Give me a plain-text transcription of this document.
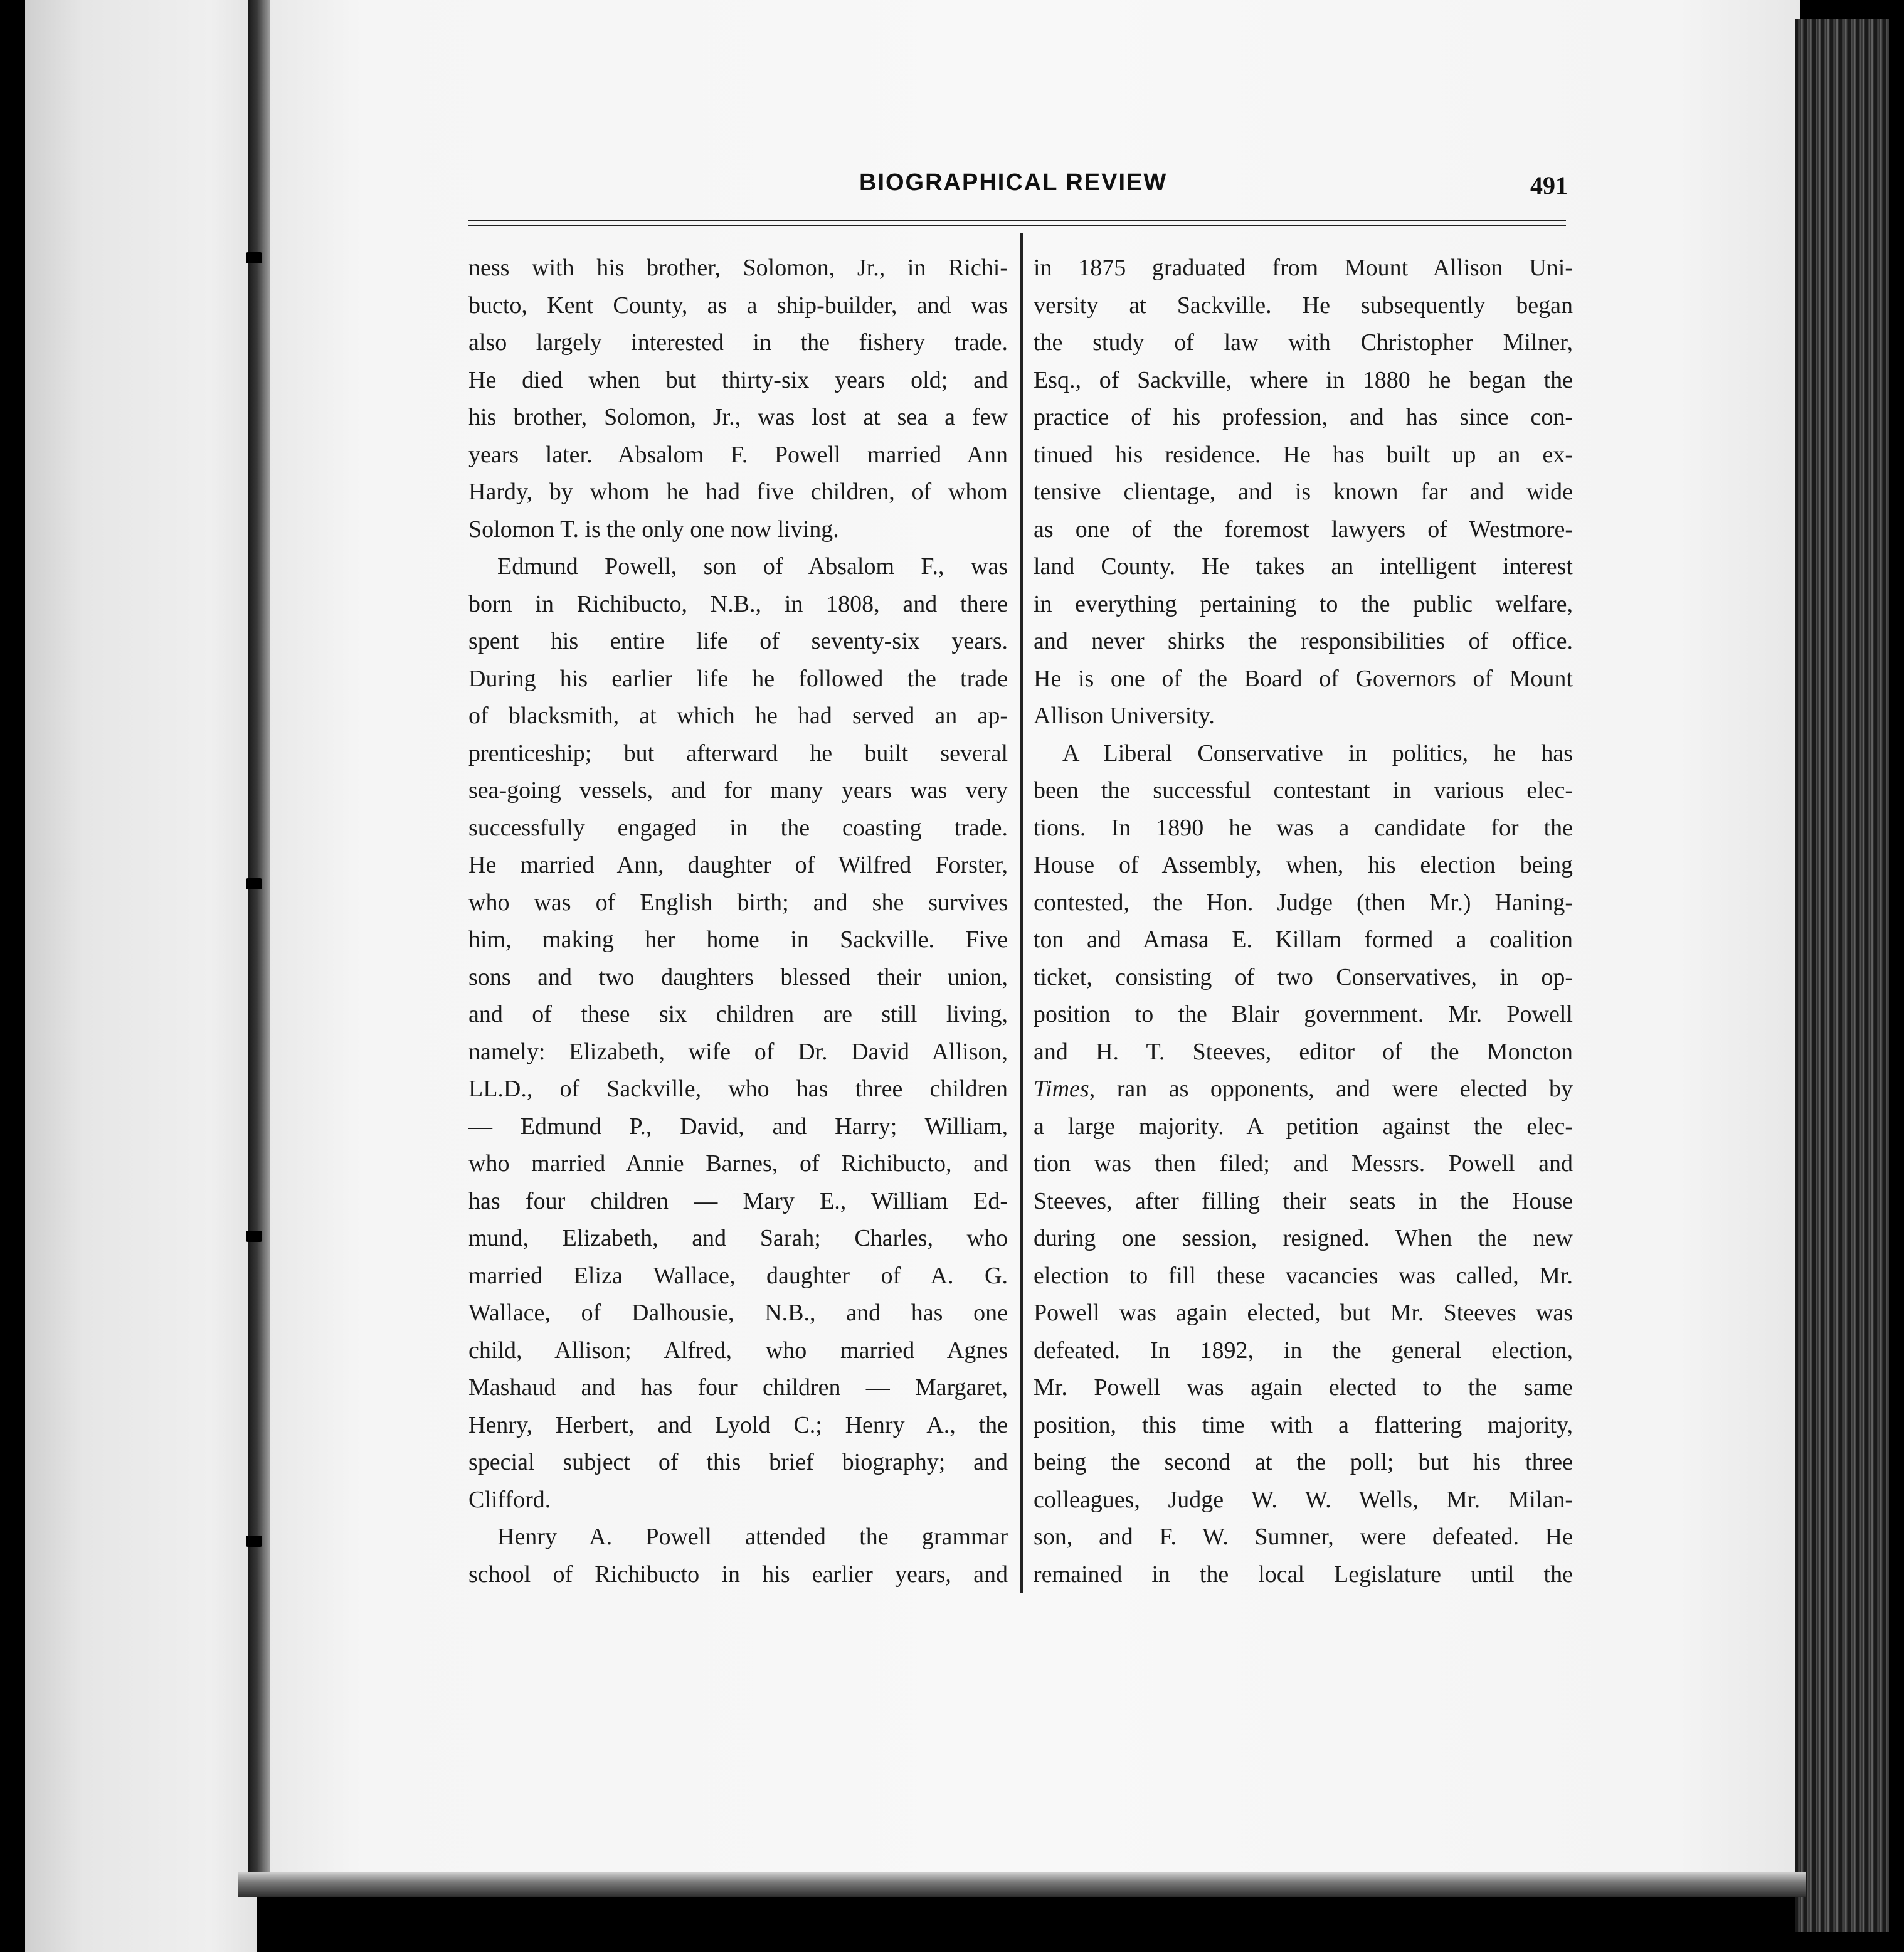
BIOGRAPHICAL REVIEW	491
ness with his brother, Solomon, Jr., in Richi-
bucto, Kent County, as a ship-builder, and was
also largely interested in the fishery trade.
He died when but thirty-six years old; and
his brother, Solomon, Jr., was lost at sea a few
years later. Absalom F. Powell married Ann
Hardy, by whom he had five children, of whom
Solomon T. is the only one now living.
Edmund Powell, son of Absalom F., was
born in Richibucto, N.B., in 1808, and there
spent his entire life of seventy-six years.
During his earlier life he followed the trade
of blacksmith, at which he had served an ap-
prenticeship; but afterward he built several
sea-going vessels, and for many years was very
successfully engaged in the coasting trade.
He married Ann, daughter of Wilfred Forster,
who was of English birth; and she survives
him, making her home in Sackville. Five
sons and two daughters blessed their union,
and of these six children are still living,
namely: Elizabeth, wife of Dr. David Allison,
LL.D., of Sackville, who has three children
— Edmund P., David, and Harry; William,
who married Annie Barnes, of Richibucto, and
has four children — Mary E., William Ed-
mund, Elizabeth, and Sarah; Charles, who
married Eliza Wallace, daughter of A. G.
Wallace, of Dalhousie, N.B., and has one
child, Allison; Alfred, who married Agnes
Mashaud and has four children — Margaret,
Henry, Herbert, and Lyold C.; Henry A., the
special subject of this brief biography; and
Clifford.
Henry A. Powell attended the grammar
school of Richibucto in his earlier years, and
in 1875 graduated from Mount Allison Uni-
versity at Sackville. He subsequently began
the study of law with Christopher Milner,
Esq., of Sackville, where in 1880 he began the
practice of his profession, and has since con-
tinued his residence. He has built up an ex-
tensive clientage, and is known far and wide
as one of the foremost lawyers of Westmore-
land County. He takes an intelligent interest
in everything pertaining to the public welfare,
and never shirks the responsibilities of office.
He is one of the Board of Governors of Mount
Allison University.
A Liberal Conservative in politics, he has
been the successful contestant in various elec-
tions. In 1890 he was a candidate for the
House of Assembly, when, his election being
contested, the Hon. Judge (then Mr.) Haning-
ton and Amasa E. Killam formed a coalition
ticket, consisting of two Conservatives, in op-
position to the Blair government. Mr. Powell
and H. T. Steeves, editor of the Moncton
Times, ran as opponents, and were elected by
a large majority. A petition against the elec-
tion was then filed; and Messrs. Powell and
Steeves, after filling their seats in the House
during one session, resigned. When the new
election to fill these vacancies was called, Mr.
Powell was again elected, but Mr. Steeves was
defeated. In 1892, in the general election,
Mr. Powell was again elected to the same
position, this time with a flattering majority,
being the second at the poll; but his three
colleagues, Judge W. W. Wells, Mr. Milan-
son, and F. W. Sumner, were defeated. He
remained in the local Legislature until the
